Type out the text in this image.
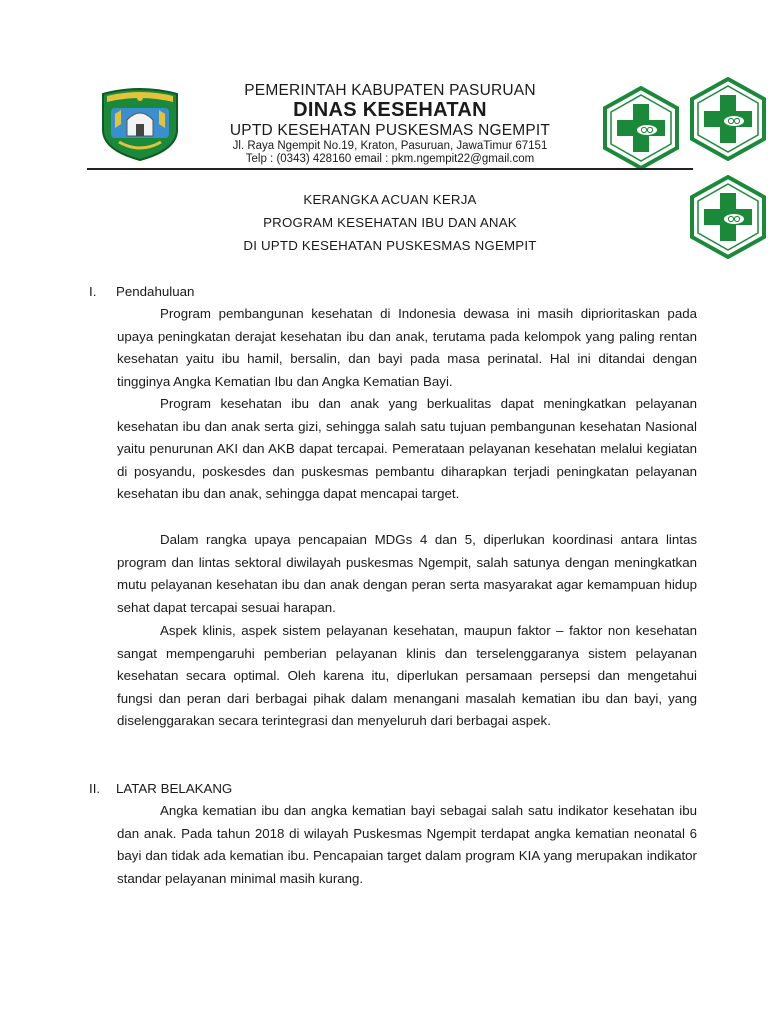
PEMERINTAH KABUPATEN PASURUAN
DINAS KESEHATAN
UPTD KESEHATAN PUSKESMAS NGEMPIT
Jl. Raya Ngempit No.19, Kraton, Pasuruan, JawaTimur 67151
Telp : (0343) 428160 email : pkm.ngempit22@gmail.com
KERANGKA ACUAN KERJA
PROGRAM KESEHATAN IBU DAN ANAK
DI UPTD KESEHATAN PUSKESMAS NGEMPIT
I. Pendahuluan

Program pembangunan kesehatan di Indonesia dewasa ini masih diprioritaskan pada upaya peningkatan derajat kesehatan ibu dan anak, terutama pada kelompok yang paling rentan kesehatan yaitu ibu hamil, bersalin, dan bayi pada masa perinatal. Hal ini ditandai dengan tingginya Angka Kematian Ibu dan Angka Kematian Bayi.

Program kesehatan ibu dan anak yang berkualitas dapat meningkatkan pelayanan kesehatan ibu dan anak serta gizi, sehingga salah satu tujuan pembangunan kesehatan Nasional yaitu penurunan AKI dan AKB dapat tercapai. Pemerataan pelayanan kesehatan melalui kegiatan di posyandu, poskesdes dan puskesmas pembantu diharapkan terjadi peningkatan pelayanan kesehatan ibu dan anak, sehingga dapat mencapai target.

Dalam rangka upaya pencapaian MDGs 4 dan 5, diperlukan koordinasi antara lintas program dan lintas sektoral diwilayah puskesmas Ngempit, salah satunya dengan meningkatkan mutu pelayanan kesehatan ibu dan anak dengan peran serta masyarakat agar kemampuan hidup sehat dapat tercapai sesuai harapan.

Aspek klinis, aspek sistem pelayanan kesehatan, maupun faktor – faktor non kesehatan sangat mempengaruhi pemberian pelayanan klinis dan terselenggaranya sistem pelayanan kesehatan secara optimal. Oleh karena itu, diperlukan persamaan persepsi dan mengetahui fungsi dan peran dari berbagai pihak dalam menangani masalah kematian ibu dan bayi, yang diselenggarakan secara terintegrasi dan menyeluruh dari berbagai aspek.

II. LATAR BELAKANG

Angka kematian ibu dan angka kematian bayi sebagai salah satu indikator kesehatan ibu dan anak. Pada tahun 2018 di wilayah Puskesmas Ngempit terdapat angka kematian neonatal 6 bayi dan tidak ada kematian ibu. Pencapaian target dalam program KIA yang merupakan indikator standar pelayanan minimal masih kurang.
